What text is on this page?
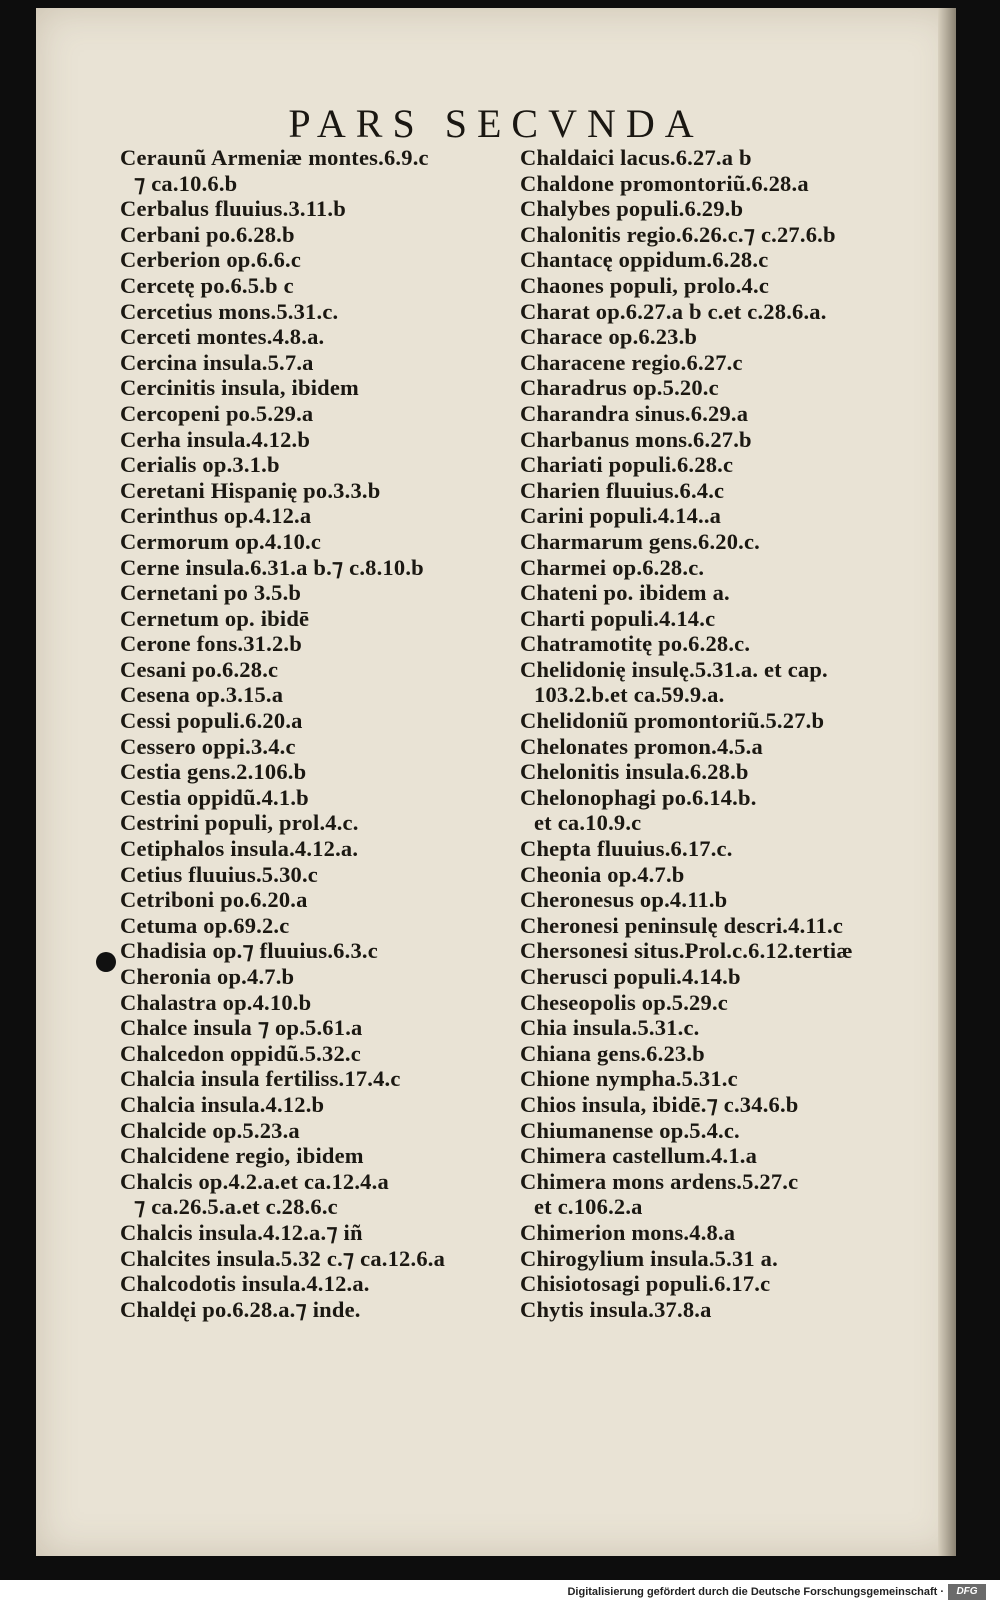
PARS SECVNDA
Ceraunũ Armeniæ montes.6.9.c
⁊ ca.10.6.b
Cerbalus fluuius.3.11.b
Cerbani po.6.28.b
Cerberion op.6.6.c
Cercetę po.6.5.b c
Cercetius mons.5.31.c.
Cerceti montes.4.8.a.
Cercina insula.5.7.a
Cercinitis insula, ibidem
Cercopeni po.5.29.a
Cerha insula.4.12.b
Cerialis op.3.1.b
Ceretani Hispanię po.3.3.b
Cerinthus op.4.12.a
Cermorum op.4.10.c
Cerne insula.6.31.a b.⁊ c.8.10.b
Cernetani po 3.5.b
Cernetum op. ibidē
Cerone fons.31.2.b
Cesani po.6.28.c
Cesena op.3.15.a
Cessi populi.6.20.a
Cessero oppi.3.4.c
Cestia gens.2.106.b
Cestia oppidũ.4.1.b
Cestrini populi, prol.4.c.
Cetiphalos insula.4.12.a.
Cetius fluuius.5.30.c
Cetriboni po.6.20.a
Cetuma op.69.2.c
Chadisia op.⁊ fluuius.6.3.c
Cheronia op.4.7.b
Chalastra op.4.10.b
Chalce insula ⁊ op.5.61.a
Chalcedon oppidũ.5.32.c
Chalcia insula fertiliss.17.4.c
Chalcia insula.4.12.b
Chalcide op.5.23.a
Chalcidene regio, ibidem
Chalcis op.4.2.a.et ca.12.4.a
⁊ ca.26.5.a.et c.28.6.c
Chalcis insula.4.12.a.⁊ iñ
Chalcites insula.5.32 c.⁊ ca.12.6.a
Chalcodotis insula.4.12.a.
Chaldęi po.6.28.a.⁊ inde.
Chaldaici lacus.6.27.a b
Chaldone promontoriũ.6.28.a
Chalybes populi.6.29.b
Chalonitis regio.6.26.c.⁊ c.27.6.b
Chantacę oppidum.6.28.c
Chaones populi, prolo.4.c
Charat op.6.27.a b c.et c.28.6.a.
Charace op.6.23.b
Characene regio.6.27.c
Charadrus op.5.20.c
Charandra sinus.6.29.a
Charbanus mons.6.27.b
Chariati populi.6.28.c
Charien fluuius.6.4.c
Carini populi.4.14..a
Charmarum gens.6.20.c.
Charmei op.6.28.c.
Chateni po. ibidem a.
Charti populi.4.14.c
Chatramotitę po.6.28.c.
Chelidonię insulę.5.31.a. et cap.
103.2.b.et ca.59.9.a.
Chelidoniũ promontoriũ.5.27.b
Chelonates promon.4.5.a
Chelonitis insula.6.28.b
Chelonophagi po.6.14.b.
et ca.10.9.c
Chepta fluuius.6.17.c.
Cheonia op.4.7.b
Cheronesus op.4.11.b
Cheronesi peninsulę descri.4.11.c
Chersonesi situs.Prol.c.6.12.tertiæ
Cherusci populi.4.14.b
Cheseopolis op.5.29.c
Chia insula.5.31.c.
Chiana gens.6.23.b
Chione nympha.5.31.c
Chios insula, ibidē.⁊ c.34.6.b
Chiumanense op.5.4.c.
Chimera castellum.4.1.a
Chimera mons ardens.5.27.c
et c.106.2.a
Chimerion mons.4.8.a
Chirogylium insula.5.31 a.
Chisiotosagi populi.6.17.c
Chytis insula.37.8.a
Digitalisierung gefördert durch die Deutsche Forschungsgemeinschaft ·	DFG
